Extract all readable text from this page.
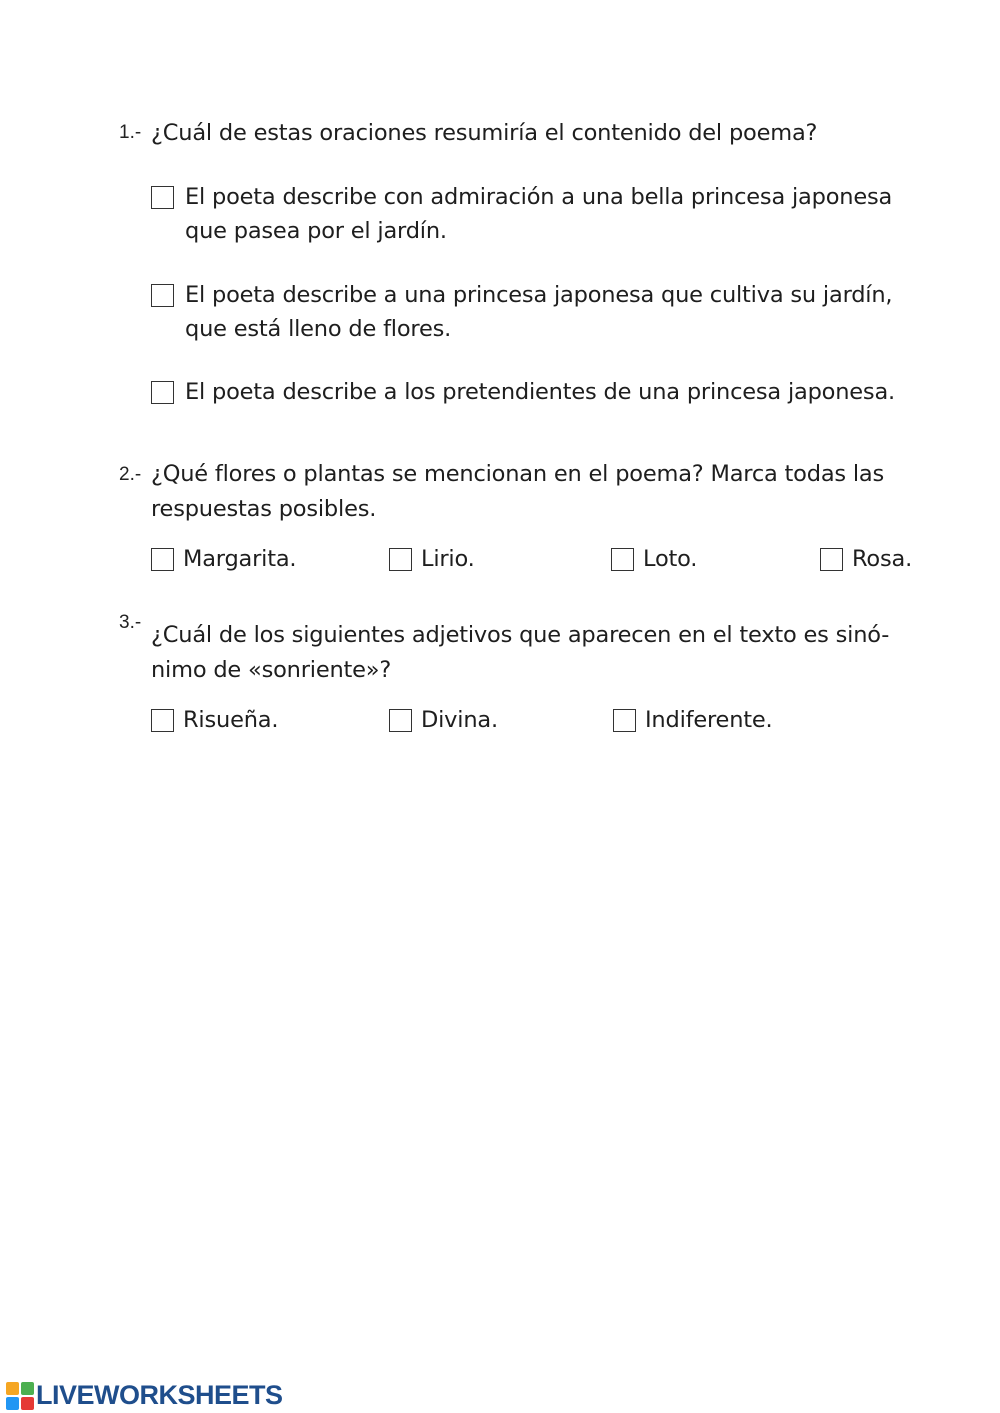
1.- ¿Cuál de estas oraciones resumiría el contenido del poema?
El poeta describe con admiración a una bella princesa japonesa
que pasea por el jardín.
El poeta describe a una princesa japonesa que cultiva su jardín,
que está lleno de flores.
El poeta describe a los pretendientes de una princesa japonesa.
2.- ¿Qué flores o plantas se mencionan en el poema? Marca todas las
respuestas posibles.
Margarita.	Lirio.	Loto.	Rosa.
3.- ¿Cuál de los siguientes adjetivos que aparecen en el texto es sinó-
nimo de «sonriente»?
Risueña.	Divina.	Indiferente.
LIVEWORKSHEETS
